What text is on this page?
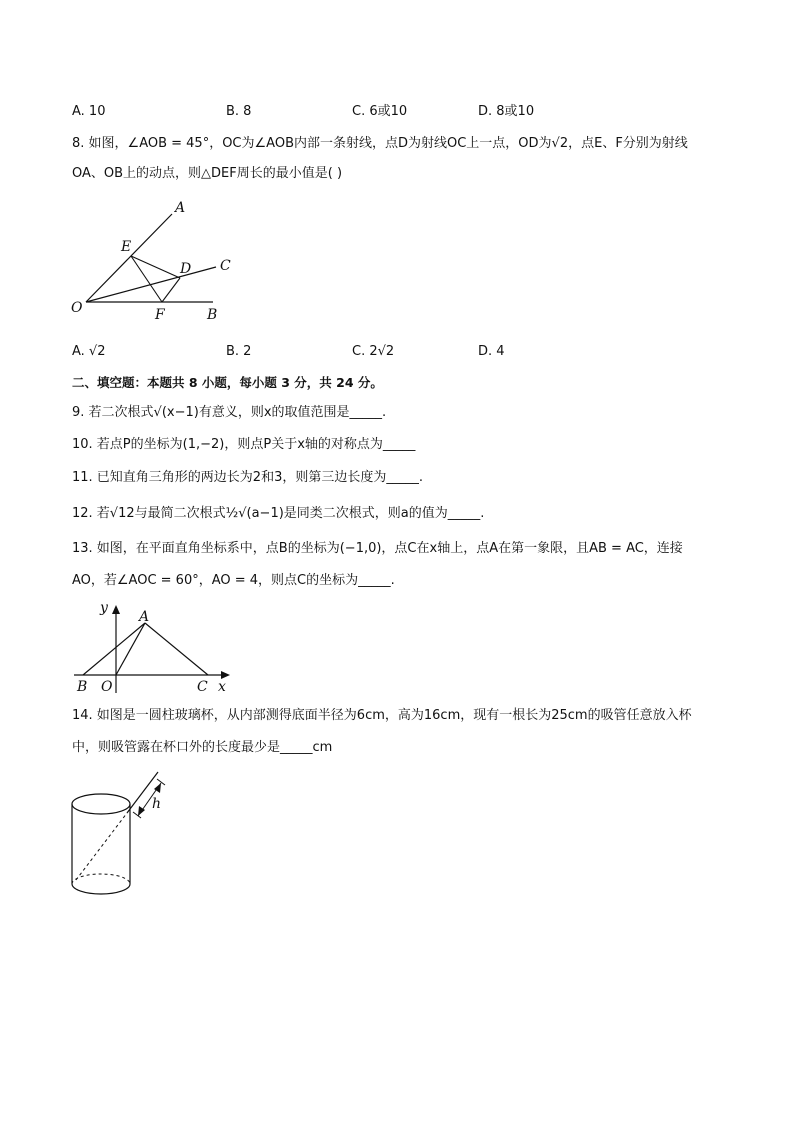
A. 10	B. 8	C. 6或10	D. 8或10
8. 如图，∠AOB = 45°，OC为∠AOB内部一条射线，点D为射线OC上一点，OD为√2，点E、F分别为射线
OA、OB上的动点，则△DEF周长的最小值是( )
A
C
E
D
O	F	B
A. √2	B. 2	C. 2√2	D. 4
二、填空题：本题共 8 小题，每小题 3 分，共 24 分。
9. 若二次根式√(x−1)有意义，则x的取值范围是_____.
10. 若点P的坐标为(1,−2)，则点P关于x轴的对称点为_____
11. 已知直角三角形的两边长为2和3，则第三边长度为_____.
12. 若√12与最简二次根式½√(a−1)是同类二次根式，则a的值为_____.
13. 如图，在平面直角坐标系中，点B的坐标为(−1,0)，点C在x轴上，点A在第一象限，且AB = AC，连接
AO，若∠AOC = 60°，AO = 4，则点C的坐标为_____.
y
A
B O	C x
14. 如图是一圆柱玻璃杯，从内部测得底面半径为6cm，高为16cm，现有一根长为25cm的吸管任意放入杯
中，则吸管露在杯口外的长度最少是_____cm
h
